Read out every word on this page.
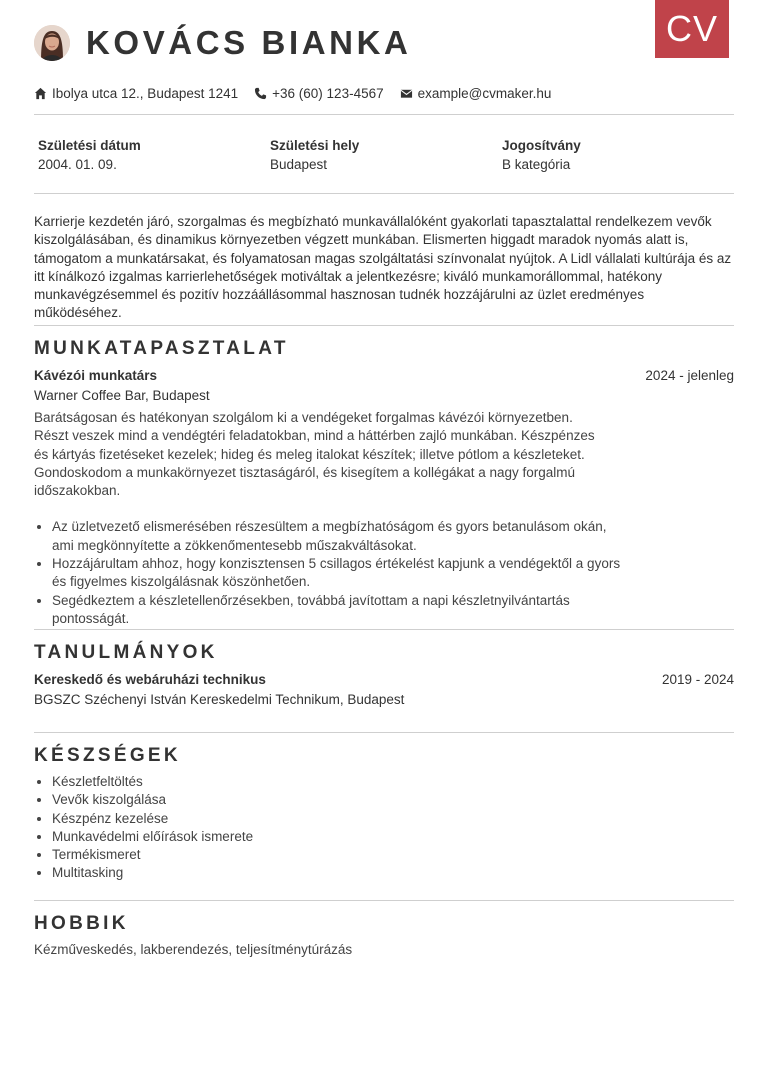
CV
KOVÁCS BIANKA
Ibolya utca 12., Budapest 1241	+36 (60) 123-4567	example@cvmaker.hu
Születési dátum
2004. 01. 09.
Születési hely
Budapest
Jogosítvány
B kategória
Karrierje kezdetén járó, szorgalmas és megbízható munkavállalóként gyakorlati tapasztalattal rendelkezem vevők kiszolgálásában, és dinamikus környezetben végzett munkában. Elismerten higgadt maradok nyomás alatt is, támogatom a munkatársakat, és folyamatosan magas szolgáltatási színvonalat nyújtok. A Lidl vállalati kultúrája és az itt kínálkozó izgalmas karrierlehetőségek motiváltak a jelentkezésre; kiváló munkamorállommal, hatékony munkavégzésemmel és pozitív hozzáállásommal hasznosan tudnék hozzájárulni az üzlet eredményes működéséhez.
MUNKATAPASZTALAT
Kávézói munkatárs	2024 - jelenleg
Warner Coffee Bar, Budapest
Barátságosan és hatékonyan szolgálom ki a vendégeket forgalmas kávézói környezetben. Részt veszek mind a vendégtéri feladatokban, mind a háttérben zajló munkában. Készpénzes és kártyás fizetéseket kezelek; hideg és meleg italokat készítek; illetve pótlom a készleteket. Gondoskodom a munkakörnyezet tisztaságáról, és kisegítem a kollégákat a nagy forgalmú időszakokban.
• Az üzletvezető elismerésében részesültem a megbízhatóságom és gyors betanulásom okán, ami megkönnyítette a zökkenőmentesebb műszakváltásokat.
• Hozzájárultam ahhoz, hogy konzisztensen 5 csillagos értékelést kapjunk a vendégektől a gyors és figyelmes kiszolgálásnak köszönhetően.
• Segédkeztem a készletellenőrzésekben, továbbá javítottam a napi készletnyilvántartás pontosságát.
TANULMÁNYOK
Kereskedő és webáruházi technikus	2019 - 2024
BGSZC Széchenyi István Kereskedelmi Technikum, Budapest
KÉSZSÉGEK
• Készletfeltöltés
• Vevők kiszolgálása
• Készpénz kezelése
• Munkavédelmi előírások ismerete
• Termékismeret
• Multitasking
HOBBIK
Kézműveskedés, lakberendezés, teljesítménytúrázás
